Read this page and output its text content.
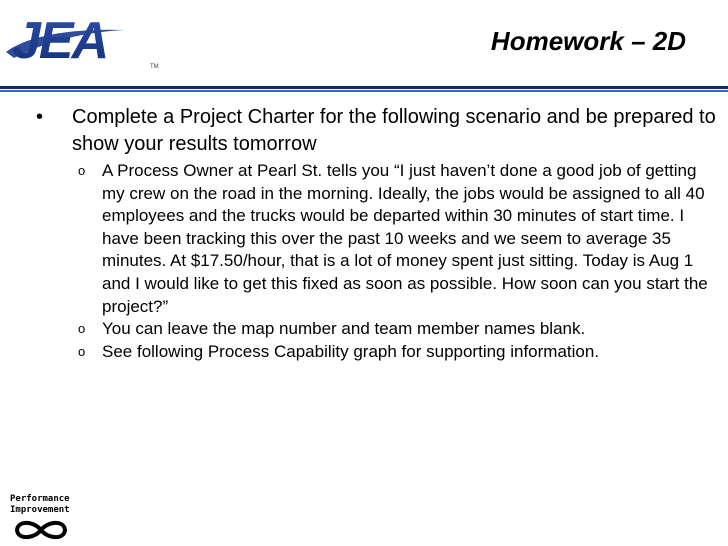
JEA	TM
Homework – 2D
•	Complete a Project Charter for the following scenario and be prepared to show your results tomorrow
o A Process Owner at Pearl St. tells you “I just haven’t done a good job of getting my crew on the road in the morning. Ideally, the jobs would be assigned to all 40 employees and the trucks would be departed within 30 minutes of start time. I have been tracking this over the past 10 weeks and we seem to average 35 minutes. At $17.50/hour, that is a lot of money spent just sitting. Today is Aug 1 and I would like to get this fixed as soon as possible. How soon can you start the project?”
o You can leave the map number and team member names blank.
o See following Process Capability graph for supporting information.
Performance
Improvement
